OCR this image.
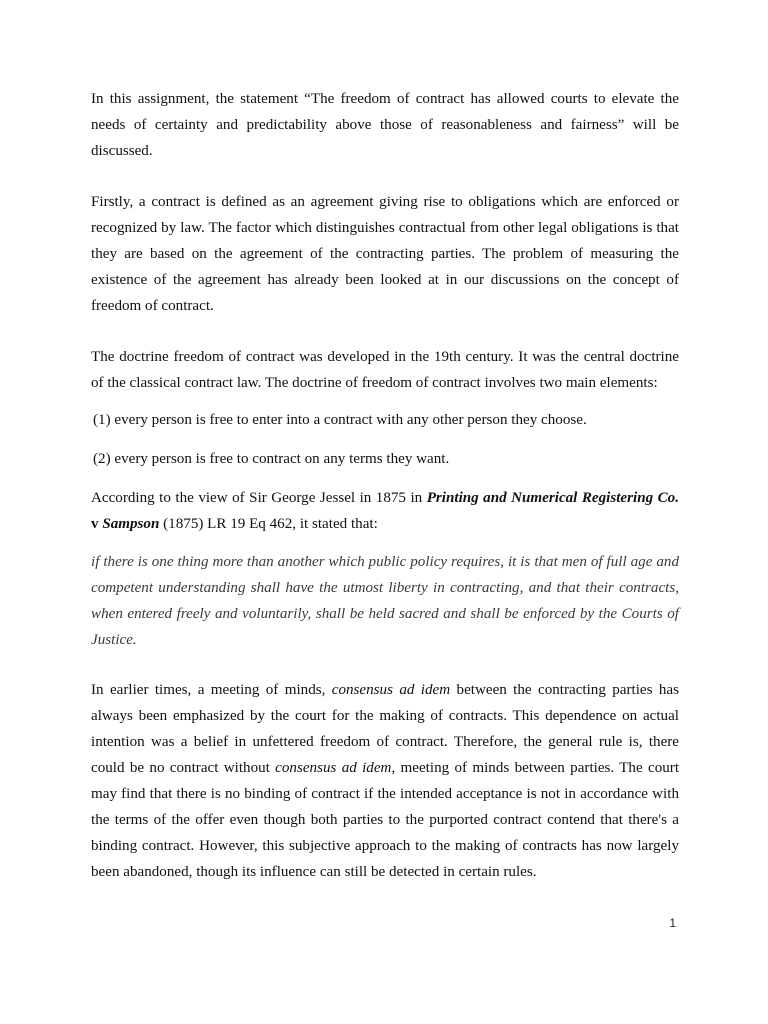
In this assignment, the statement “The freedom of contract has allowed courts to elevate the needs of certainty and predictability above those of reasonableness and fairness” will be discussed.

Firstly, a contract is defined as an agreement giving rise to obligations which are enforced or recognized by law. The factor which distinguishes contractual from other legal obligations is that they are based on the agreement of the contracting parties. The problem of measuring the existence of the agreement has already been looked at in our discussions on the concept of freedom of contract.

The doctrine freedom of contract was developed in the 19th century. It was the central doctrine of the classical contract law. The doctrine of freedom of contract involves two main elements:

(1) every person is free to enter into a contract with any other person they choose.

(2) every person is free to contract on any terms they want.

According to the view of Sir George Jessel in 1875 in Printing and Numerical Registering Co. v Sampson (1875) LR 19 Eq 462, it stated that:

if there is one thing more than another which public policy requires, it is that men of full age and competent understanding shall have the utmost liberty in contracting, and that their contracts, when entered freely and voluntarily, shall be held sacred and shall be enforced by the Courts of Justice.

In earlier times, a meeting of minds, consensus ad idem between the contracting parties has always been emphasized by the court for the making of contracts. This dependence on actual intention was a belief in unfettered freedom of contract. Therefore, the general rule is, there could be no contract without consensus ad idem, meeting of minds between parties. The court may find that there is no binding of contract if the intended acceptance is not in accordance with the terms of the offer even though both parties to the purported contract contend that there's a binding contract. However, this subjective approach to the making of contracts has now largely been abandoned, though its influence can still be detected in certain rules.

1
